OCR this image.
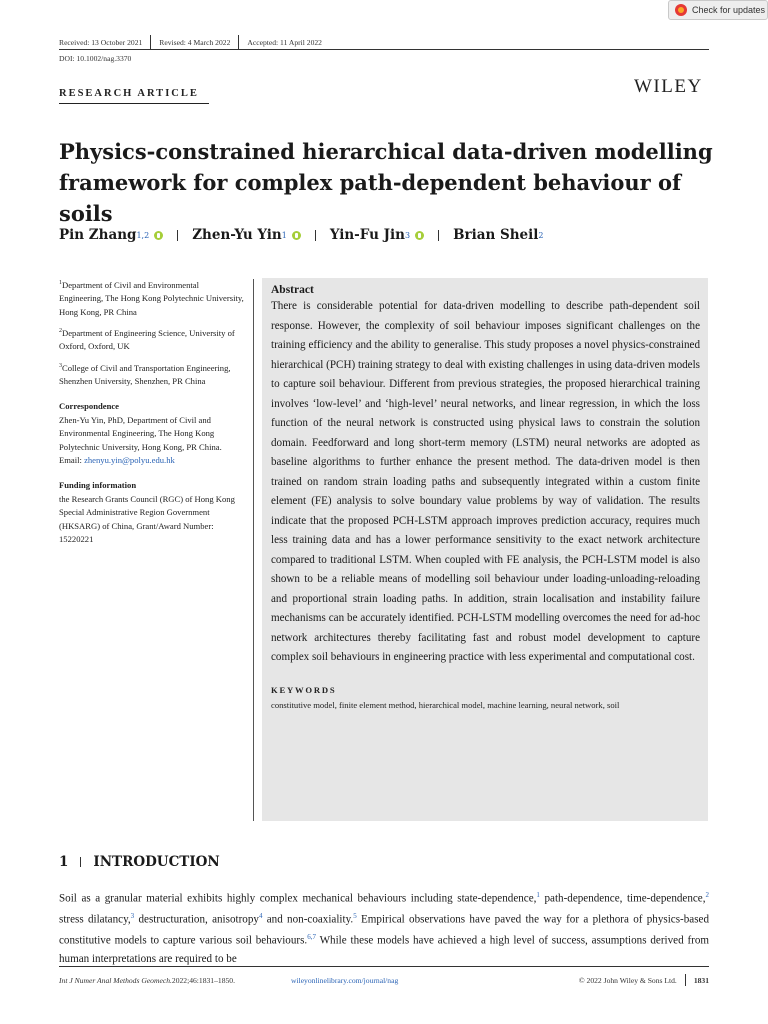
Check for updates
Received: 13 October 2021 Revised: 4 March 2022 Accepted: 11 April 2022
DOI: 10.1002/nag.3370
WILEY
RESEARCH ARTICLE
Physics-constrained hierarchical data-driven modelling
framework for complex path-dependent behaviour of soils
Pin Zhang 1,2	Zhen-Yu Yin 1	Yin-Fu Jin 3	Brian Sheil 2

$^1$Department of Civil and Environmental Engineering, The Hong Kong Polytechnic University, Hong Kong, PR China

$^2$Department of Engineering Science, University of Oxford, Oxford, UK

$^3$College of Civil and Transportation Engineering, Shenzhen University, Shenzhen, PR China

Correspondence

Zhen-Yu Yin, PhD, Department of Civil and Environmental Engineering, The Hong Kong Polytechnic University, Hong Kong, PR China.
Email: zhenyu.yin@polyu.edu.hk

Funding information

the Research Grants Council (RGC) of Hong Kong Special Administrative Region Government (HKSARG) of China, Grant/Award Number: 15220221

Abstract
There is considerable potential for data-driven modelling to describe path-dependent soil response. However, the complexity of soil behaviour imposes significant challenges on the training efficiency and the ability to generalise. This study proposes a novel physics-constrained hierarchical (PCH) training strategy to deal with existing challenges in using data-driven models to capture soil behaviour. Different from previous strategies, the proposed hierarchical training involves ‘low-level’ and ‘high-level’ neural networks, and linear regression, in which the loss function of the neural network is constructed using physical laws to constrain the solution domain. Feedforward and long short-term memory (LSTM) neural networks are adopted as baseline algorithms to further enhance the present method. The data-driven model is then trained on random strain loading paths and subsequently integrated within a custom finite element (FE) analysis to solve boundary value problems by way of validation. The results indicate that the proposed PCH-LSTM approach improves prediction accuracy, requires much less training data and has a lower performance sensitivity to the exact network architecture compared to traditional LSTM. When coupled with FE analysis, the PCH-LSTM model is also shown to be a reliable means of modelling soil behaviour under loading-unloading-reloading and proportional strain loading paths. In addition, strain localisation and instability failure mechanisms can be accurately identified. PCH-LSTM modelling overcomes the need for ad-hoc network architectures thereby facilitating fast and robust model development to capture complex soil behaviours in engineering practice with less experimental and computational cost.
KEYWORDS
constitutive model, finite element method, hierarchical model, machine learning, neural network, soil
1 INTRODUCTION
Soil as a granular material exhibits highly complex mechanical behaviours including state-dependence,$^1$ path-dependence, time-dependence,$^2$ stress dilatancy,$^3$ destructuration, anisotropy$^4$ and non-coaxiality.$^5$ Empirical observations have paved the way for a plethora of physics-based constitutive models to capture various soil behaviours.$^{6,7}$ While these models have achieved a high level of success, assumptions derived from human interpretations are required to be
Int J Numer Anal Methods Geomech. 2022;46:1831–1850.	wileyonlinelibrary.com/journal/nag	© 2022 John Wiley & Sons Ltd. 1831
